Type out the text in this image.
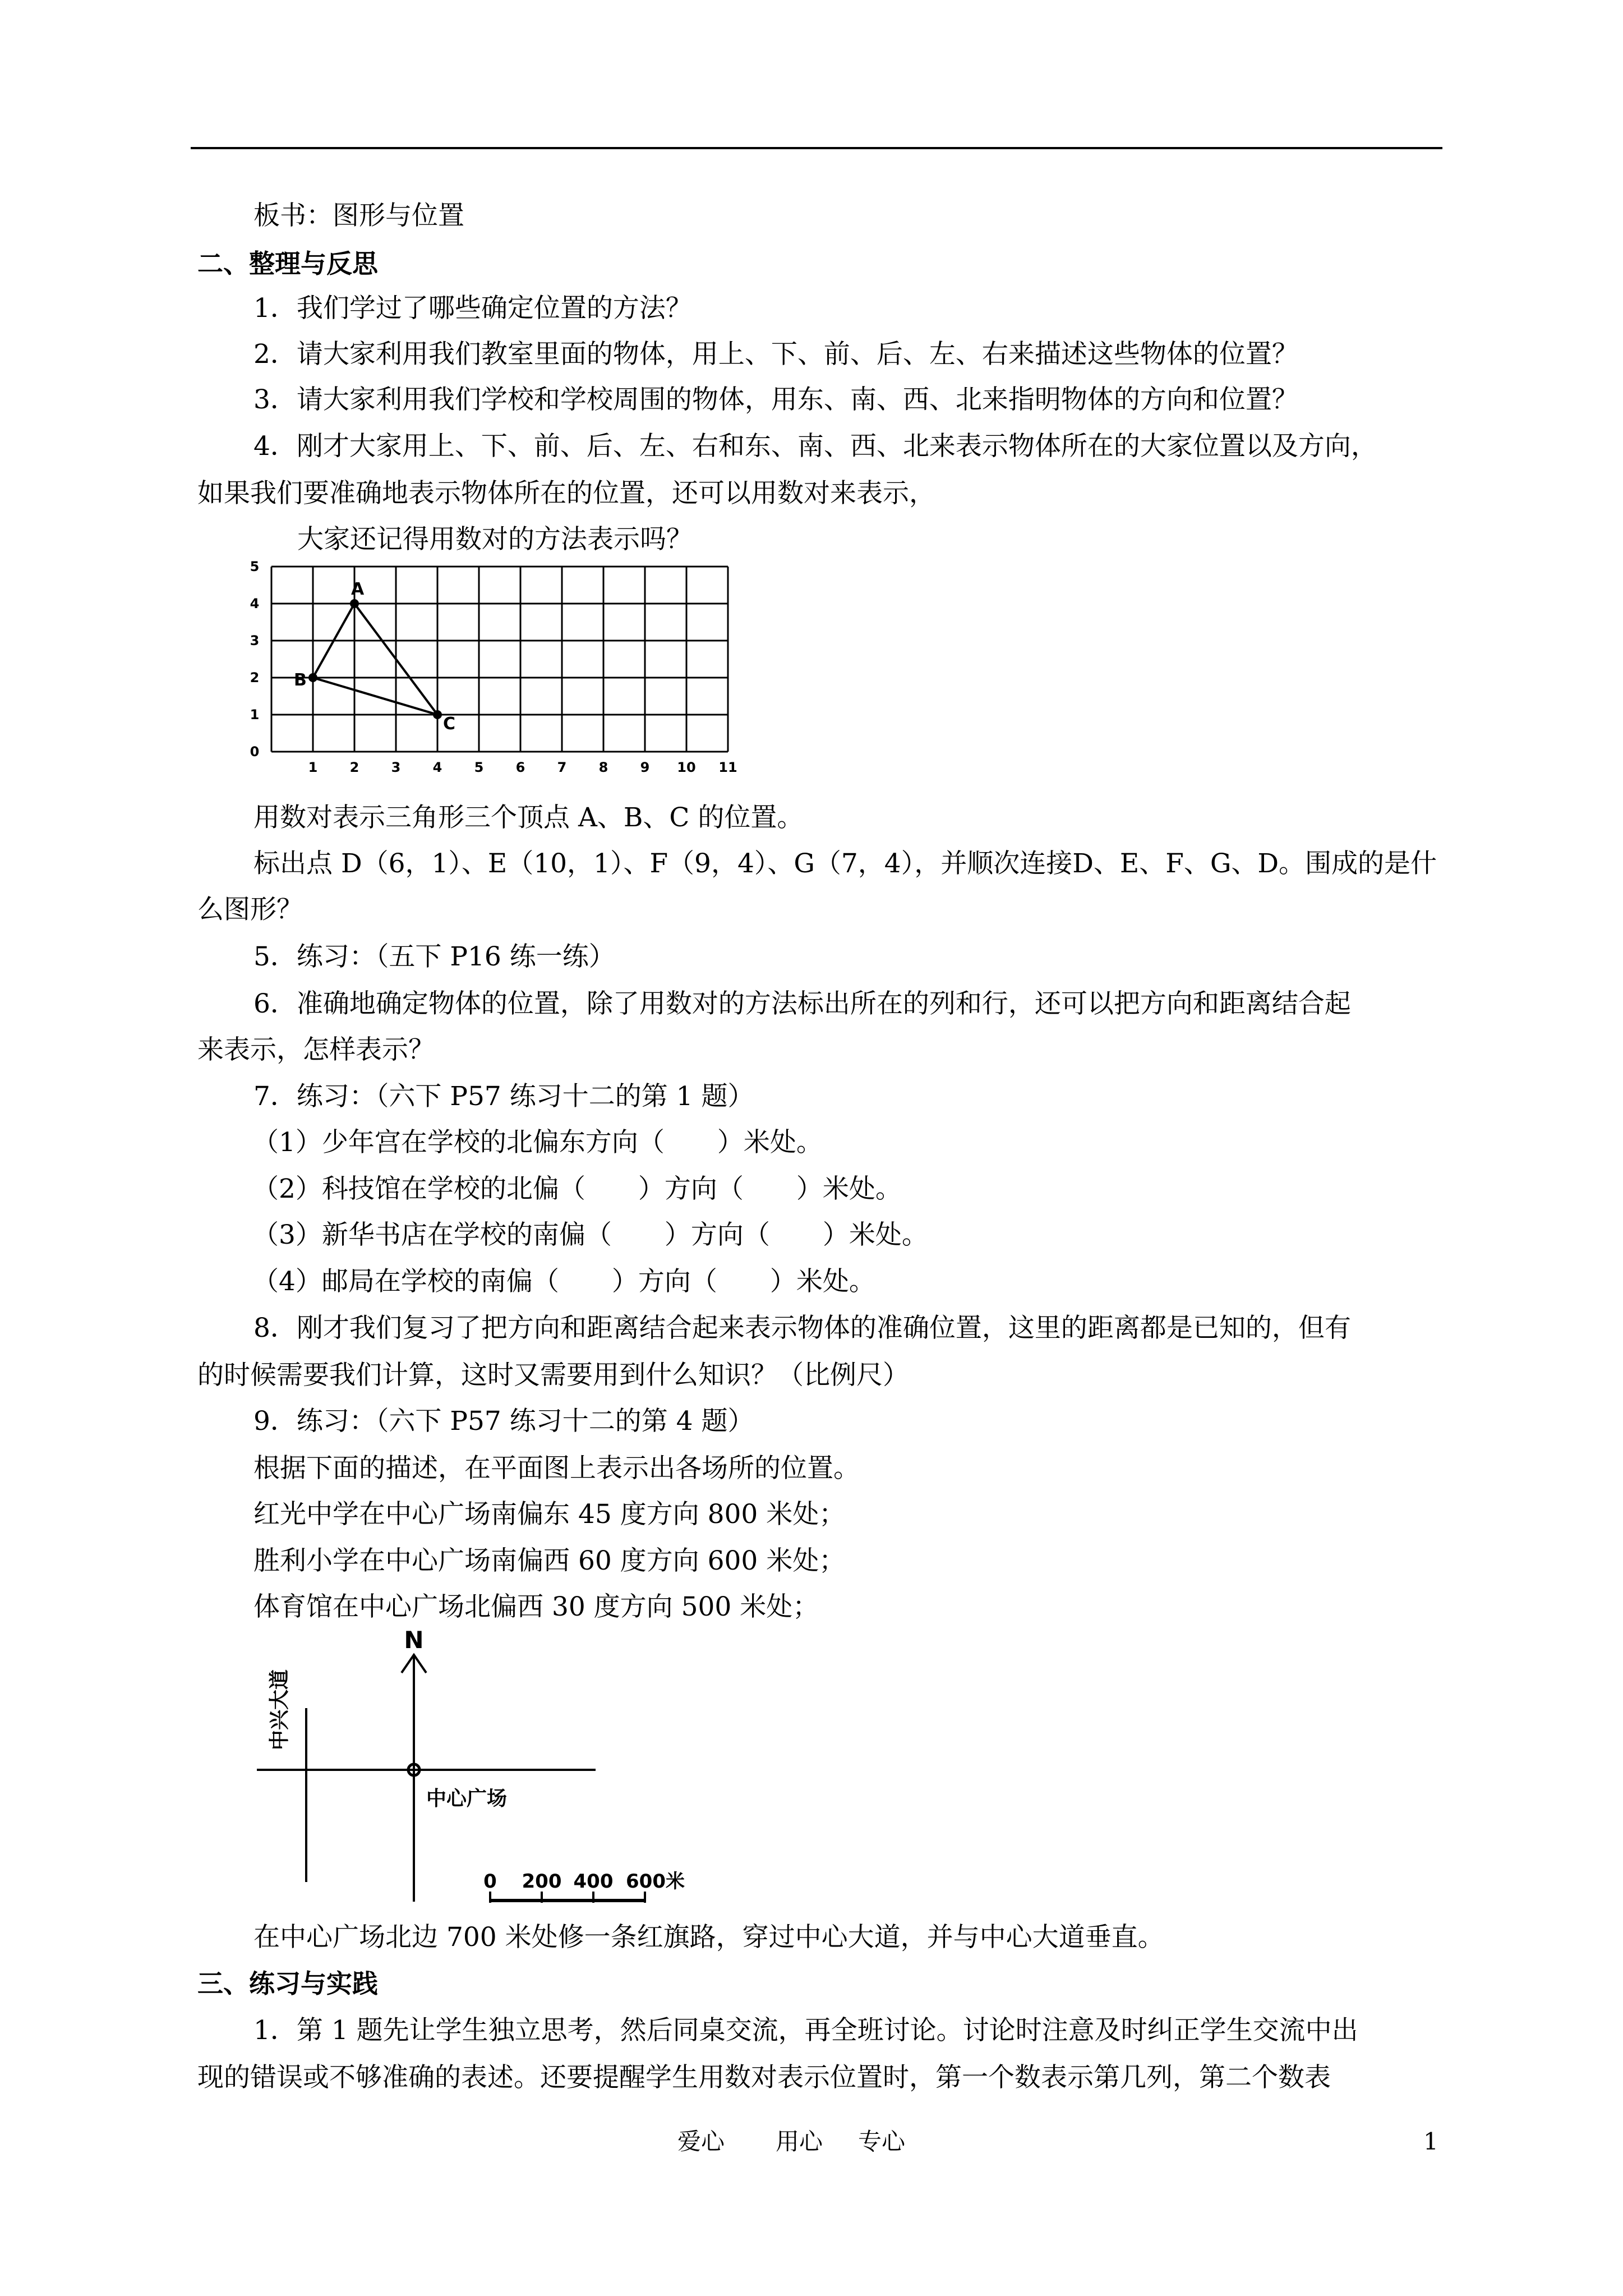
板书：图形与位置
二、整理与反思
1．我们学过了哪些确定位置的方法？
2．请大家利用我们教室里面的物体，用上、下、前、后、左、右来描述这些物体的位置？
3．请大家利用我们学校和学校周围的物体，用东、南、西、北来指明物体的方向和位置？
4．刚才大家用上、下、前、后、左、右和东、南、西、北来表示物体所在的大家位置以及方向，
如果我们要准确地表示物体所在的位置，还可以用数对来表示，
大家还记得用数对的方法表示吗？
1 2 3 4 5 6 7 8 9 10 11
0
1
2
3
4
5
A
B
C
用数对表示三角形三个顶点 A、B、C 的位置。
标出点 D（6，1）、E（10，1）、F（9，4）、G（7，4），并顺次连接D、E、F、G、D。围成的是什
么图形？
5．练习：（五下 P16 练一练）
6．准确地确定物体的位置，除了用数对的方法标出所在的列和行，还可以把方向和距离结合起
来表示，怎样表示？
7．练习：（六下 P57 练习十二的第 1 题）
（1）少年宫在学校的北偏东方向（　　）米处。
（2）科技馆在学校的北偏（　　）方向（　　）米处。
（3）新华书店在学校的南偏（　　）方向（　　）米处。
（4）邮局在学校的南偏（　　）方向（　　）米处。
8．刚才我们复习了把方向和距离结合起来表示物体的准确位置，这里的距离都是已知的，但有
的时候需要我们计算，这时又需要用到什么知识？（比例尺）
9．练习：（六下 P57 练习十二的第 4 题）
根据下面的描述，在平面图上表示出各场所的位置。
红光中学在中心广场南偏东 45 度方向 800 米处；
胜利小学在中心广场南偏西 60 度方向 600 米处；
体育馆在中心广场北偏西 30 度方向 500 米处；
N
中心广场
中兴大道
0 200 400 600米
在中心广场北边 700 米处修一条红旗路，穿过中心大道，并与中心大道垂直。
三、练习与实践
1．第 1 题先让学生独立思考，然后同桌交流，再全班讨论。讨论时注意及时纠正学生交流中出
现的错误或不够准确的表述。还要提醒学生用数对表示位置时，第一个数表示第几列，第二个数表
爱心 用心 专心	1
